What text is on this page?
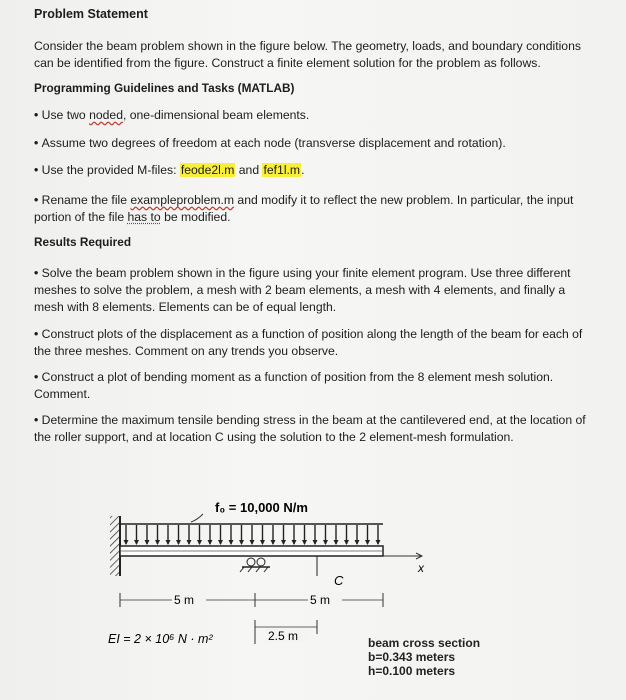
Problem Statement
Consider the beam problem shown in the figure below. The geometry, loads, and boundary conditions can be identified from the figure. Construct a finite element solution for the problem as follows.
Programming Guidelines and Tasks (MATLAB)
• Use two noded, one-dimensional beam elements.
• Assume two degrees of freedom at each node (transverse displacement and rotation).
• Use the provided M-files: feode2l.m and fef1l.m.
• Rename the file exampleproblem.m and modify it to reflect the new problem. In particular, the input portion of the file has to be modified.
Results Required
• Solve the beam problem shown in the figure using your finite element program. Use three different meshes to solve the problem, a mesh with 2 beam elements, a mesh with 4 elements, and finally a mesh with 8 elements. Elements can be of equal length.
• Construct plots of the displacement as a function of position along the length of the beam for each of the three meshes. Comment on any trends you observe.
• Construct a plot of bending moment as a function of position from the 8 element mesh solution. Comment.
• Determine the maximum tensile bending stress in the beam at the cantilevered end, at the location of the roller support, and at location C using the solution to the 2 element-mesh formulation.
f₀ = 10,000 N/m
x
C
5 m	5 m
2.5 m
EI = 2 × 10⁶ N · m²	beam cross section
b=0.343 meters
h=0.100 meters
